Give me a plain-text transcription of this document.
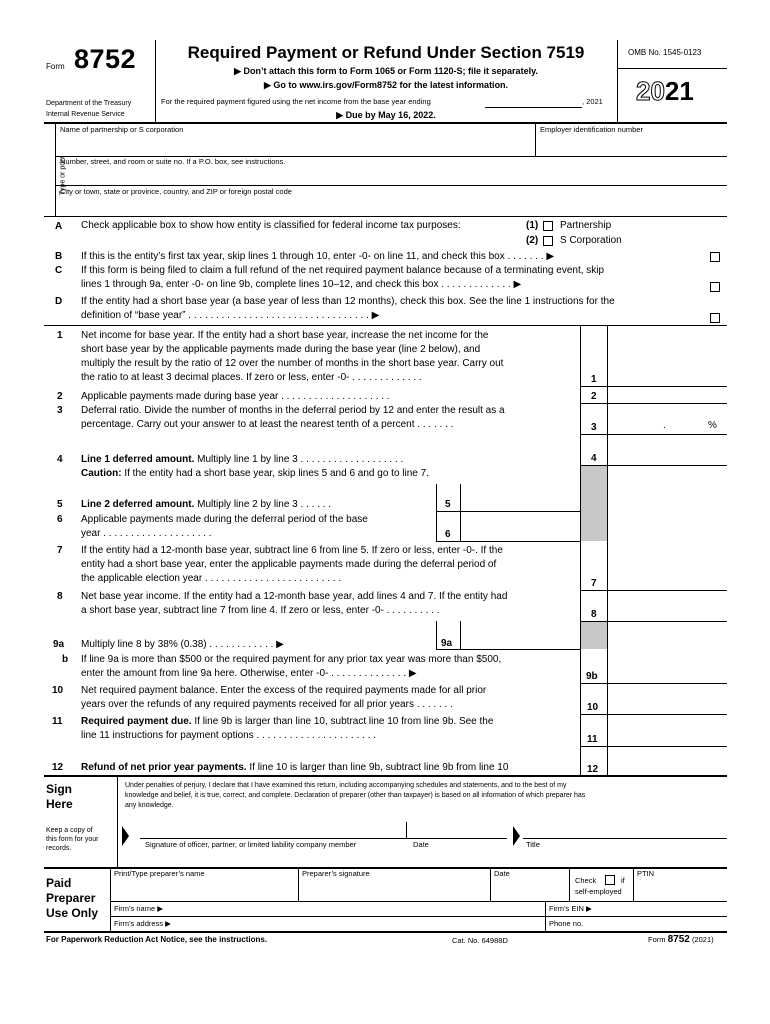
Form 8752
Department of the Treasury
Internal Revenue Service
Required Payment or Refund Under Section 7519
▶ Don’t attach this form to Form 1065 or Form 1120-S; file it separately.
▶ Go to www.irs.gov/Form8752 for the latest information.
For the required payment figured using the net income from the base year ending	, 2021
▶ Due by May 16, 2022.
OMB No. 1545-0123
2021
Type or print
Name of partnership or S corporation	Employer identification number
Number, street, and room or suite no. If a P.O. box, see instructions.
City or town, state or province, country, and ZIP or foreign postal code
A Check applicable box to show how entity is classified for federal income tax purposes:	(1) Partnership
(2) S Corporation
B If this is the entity’s first tax year, skip lines 1 through 10, enter -0- on line 11, and check this box . . . . . . . ▶
C If this form is being filed to claim a full refund of the net required payment balance because of a terminating event, skip
lines 1 through 9a, enter -0- on line 9b, complete lines 10–12, and check this box . . . . . . . . . . . . . ▶
D If the entity had a short base year (a base year of less than 12 months), check this box. See the line 1 instructions for the
definition of “base year” . . . . . . . . . . . . . . . . . . . . . . . . . . . . . . . . . ▶
1
2
3
4
7
8
9b
10
11
12
.	%
1 Net income for base year. If the entity had a short base year, increase the net income for the
short base year by the applicable payments made during the base year (line 2 below), and
multiply the result by the ratio of 12 over the number of months in the short base year. Carry out
the ratio to at least 3 decimal places. If zero or less, enter -0- . . . . . . . . . . . . .
2 Applicable payments made during base year . . . . . . . . . . . . . . . . . . . .
3 Deferral ratio. Divide the number of months in the deferral period by 12 and enter the result as a
percentage. Carry out your answer to at least the nearest tenth of a percent . . . . . . .
4 Line 1 deferred amount. Multiply line 1 by line 3 . . . . . . . . . . . . . . . . . . .
Caution: If the entity had a short base year, skip lines 5 and 6 and go to line 7.
5
6
5 Line 2 deferred amount. Multiply line 2 by line 3 . . . . . .
6 Applicable payments made during the deferral period of the base
year . . . . . . . . . . . . . . . . . . . .
7 If the entity had a 12-month base year, subtract line 6 from line 5. If zero or less, enter -0-. If the
entity had a short base year, enter the applicable payments made during the deferral period of
the applicable election year . . . . . . . . . . . . . . . . . . . . . . . . .
8 Net base year income. If the entity had a 12-month base year, add lines 4 and 7. If the entity had
a short base year, subtract line 7 from line 4. If zero or less, enter -0- . . . . . . . . . .
9a
9a Multiply line 8 by 38% (0.38) . . . . . . . . . . . . ▶
b If line 9a is more than $500 or the required payment for any prior tax year was more than $500,
enter the amount from line 9a here. Otherwise, enter -0- . . . . . . . . . . . . . . ▶
10 Net required payment balance. Enter the excess of the required payments made for all prior
years over the refunds of any required payments received for all prior years . . . . . . .
11 Required payment due. If line 9b is larger than line 10, subtract line 10 from line 9b. See the
line 11 instructions for payment options . . . . . . . . . . . . . . . . . . . . . .
12 Refund of net prior year payments. If line 10 is larger than line 9b, subtract line 9b from line 10
Sign
Here
Keep a copy of
this form for your
records.
Under penalties of perjury, I declare that I have examined this return, including accompanying schedules and statements, and to the best of my
knowledge and belief, it is true, correct, and complete. Declaration of preparer (other than taxpayer) is based on all information of which preparer has
any knowledge.
Signature of officer, partner, or limited liability company member	Date	Title
Paid
Preparer
Use Only
Print/Type preparer’s name	Preparer’s signature	Date
Check	if
self-employed
PTIN
Firm’s name ▶	Firm’s EIN ▶
Firm’s address ▶	Phone no.
For Paperwork Reduction Act Notice, see the instructions.	Cat. No. 64988D	Form 8752 (2021)
